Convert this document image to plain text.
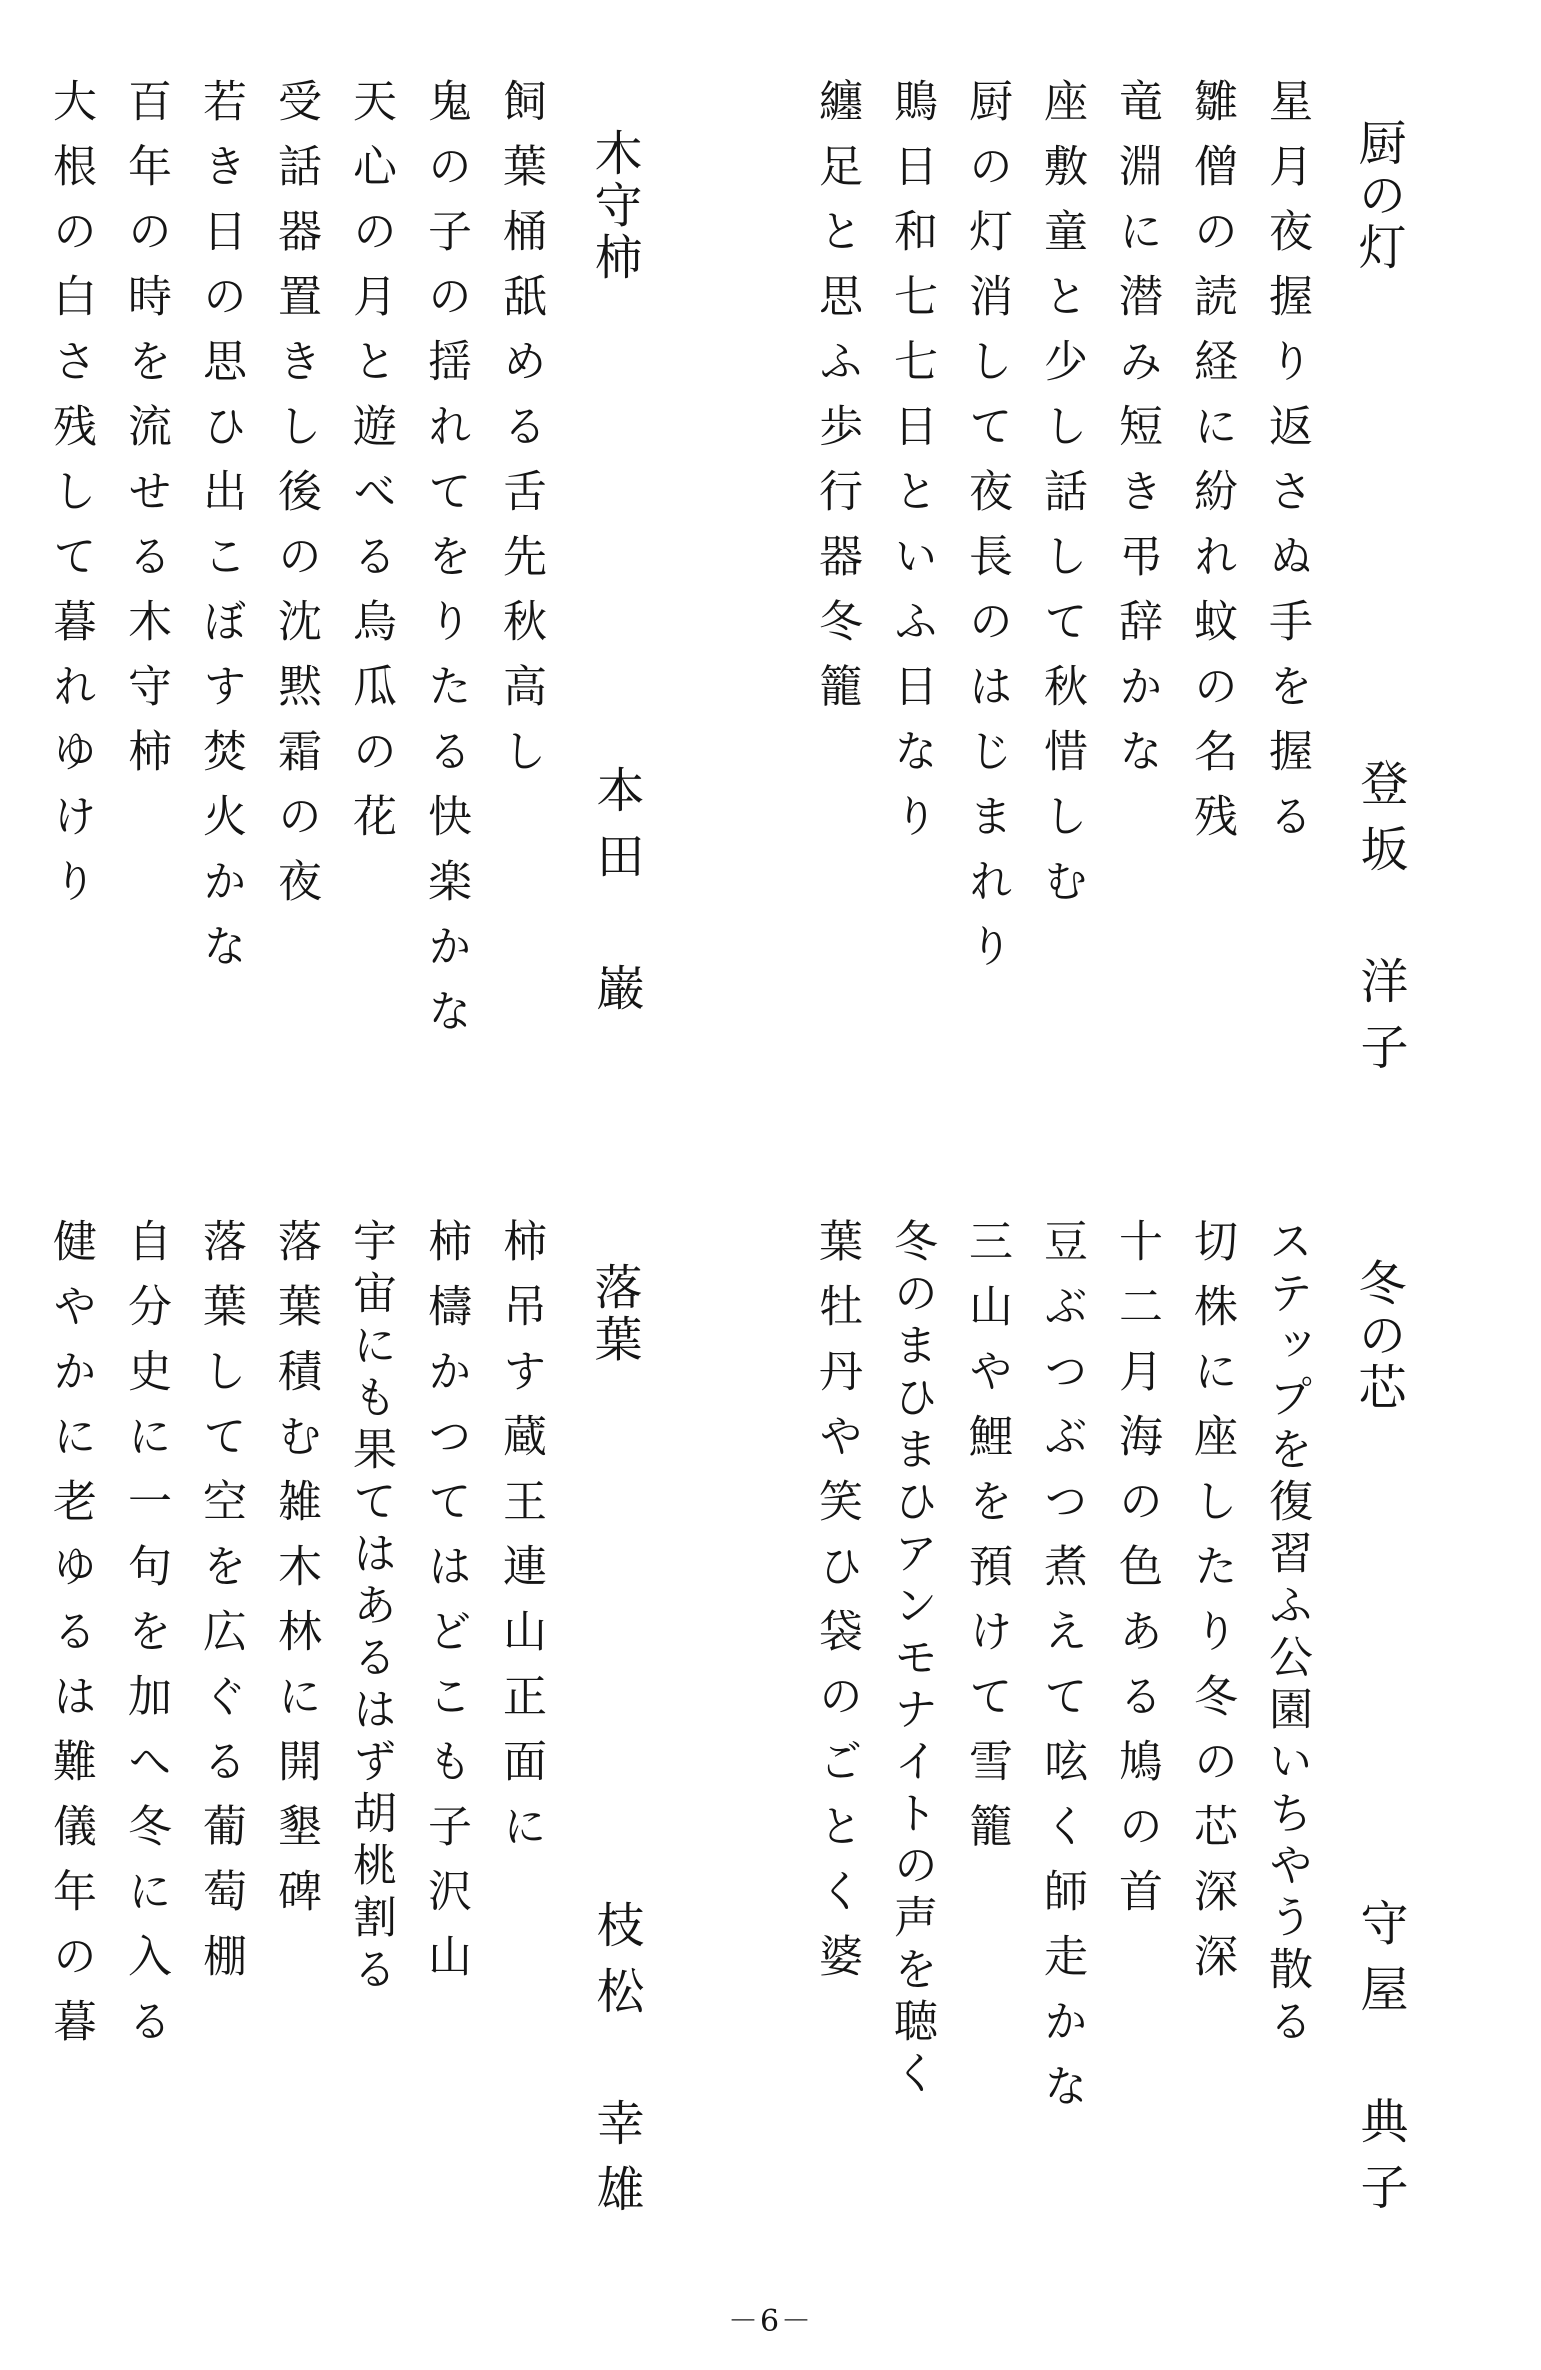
厨の灯
登坂　洋子
星月夜握り返さぬ手を握る
雛僧の読経に紛れ蚊の名残
竜淵に潜み短き弔辞かな
座敷童と少し話して秋惜しむ
厨の灯消して夜長のはじまれり
鵙日和七七日といふ日なり
纏足と思ふ歩行器冬籠
木守柿
本田　巌
飼葉桶舐める舌先秋高し
鬼の子の揺れてをりたる快楽かな
天心の月と遊べる烏瓜の花
受話器置きし後の沈黙霜の夜
若き日の思ひ出こぼす焚火かな
百年の時を流せる木守柿
大根の白さ残して暮れゆけり
冬の芯
守屋　典子
ステップを復習ふ公園いちやう散る
切株に座したり冬の芯深深
十二月海の色ある鳩の首
豆ぶつぶつ煮えて呟く師走かな
三山や鯉を預けて雪籠
冬のまひまひアンモナイトの声を聴く
葉牡丹や笑ひ袋のごとく婆
落葉
枝松　幸雄
柿吊す蔵王連山正面に
柿檮かつてはどこも子沢山
宇宙にも果てはあるはず胡桃割る
落葉積む雑木林に開墾碑
落葉して空を広ぐる葡萄棚
自分史に一句を加へ冬に入る
健やかに老ゆるは難儀年の暮
－6－
